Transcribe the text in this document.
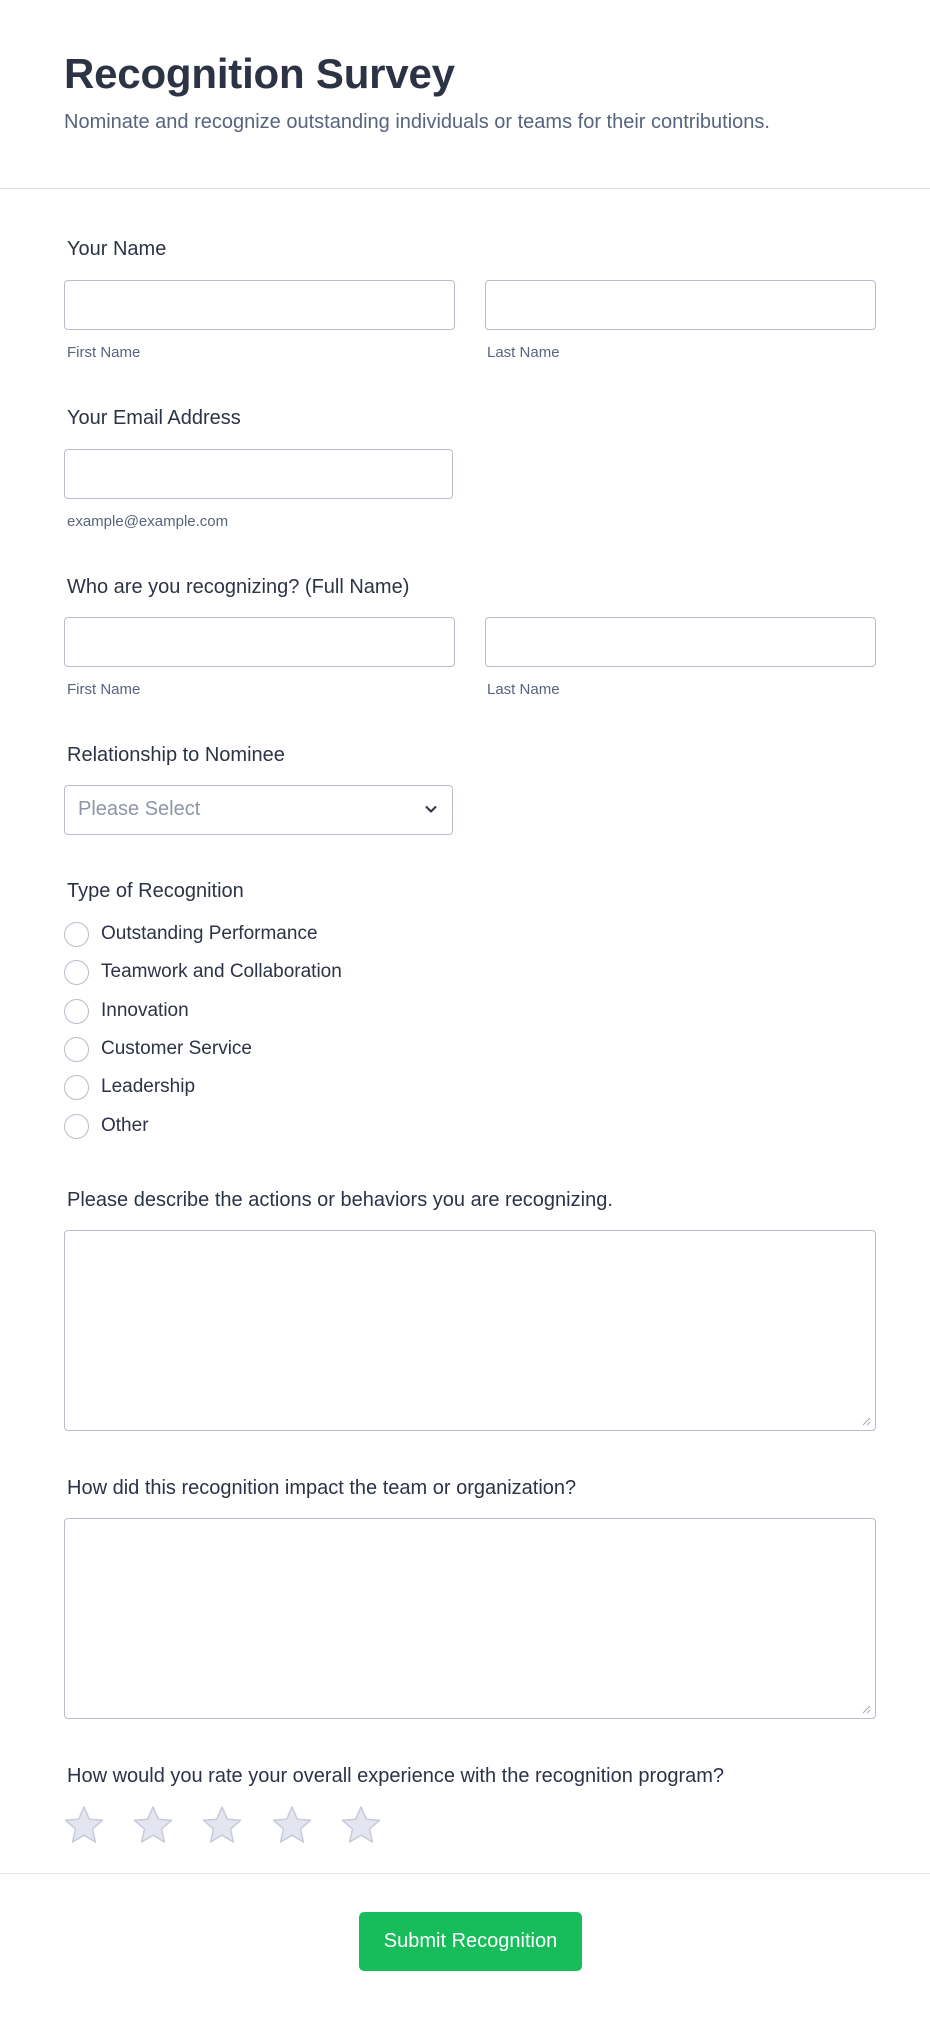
Recognition Survey

Nominate and recognize outstanding individuals or teams for their contributions.

Your Name
First Name	Last Name
Your Email Address
example@example.com
Who are you recognizing? (Full Name)
First Name	Last Name
Relationship to Nominee
Please Select
Type of Recognition
Outstanding Performance
Teamwork and Collaboration
Innovation
Customer Service
Leadership
Other
Please describe the actions or behaviors you are recognizing.
How did this recognition impact the team or organization?
How would you rate your overall experience with the recognition program?
Submit Recognition
